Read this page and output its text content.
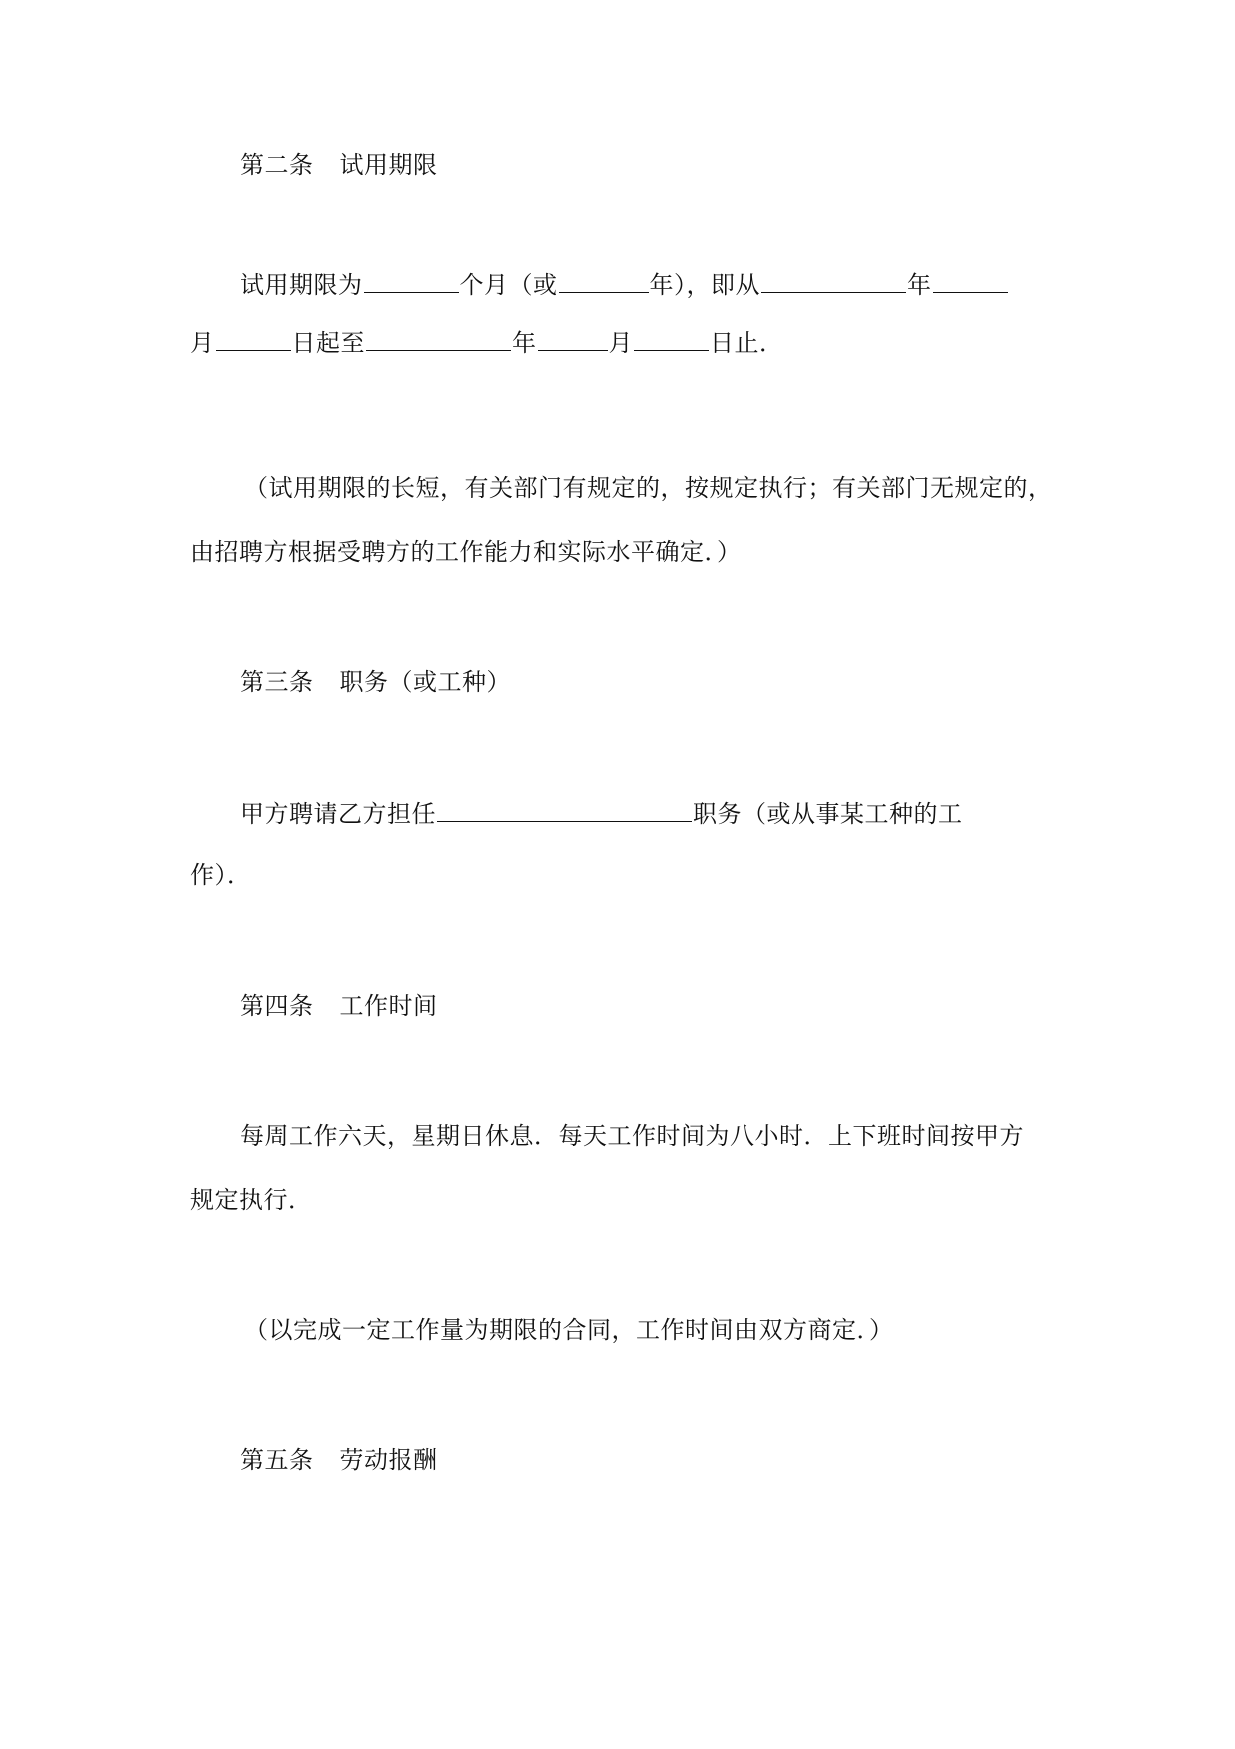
第二条 试用期限
试用期限为	个月（或	年），即从	年
月	日起至	年	月	日止．
（试用期限的长短，有关部门有规定的，按规定执行；有关部门无规定的，
由招聘方根据受聘方的工作能力和实际水平确定．）
第三条 职务（或工种）
甲方聘请乙方担任	职务（或从事某工种的工
作）．
第四条 工作时间
每周工作六天，星期日休息．每天工作时间为八小时．上下班时间按甲方
规定执行．
（以完成一定工作量为期限的合同，工作时间由双方商定．）
第五条 劳动报酬
